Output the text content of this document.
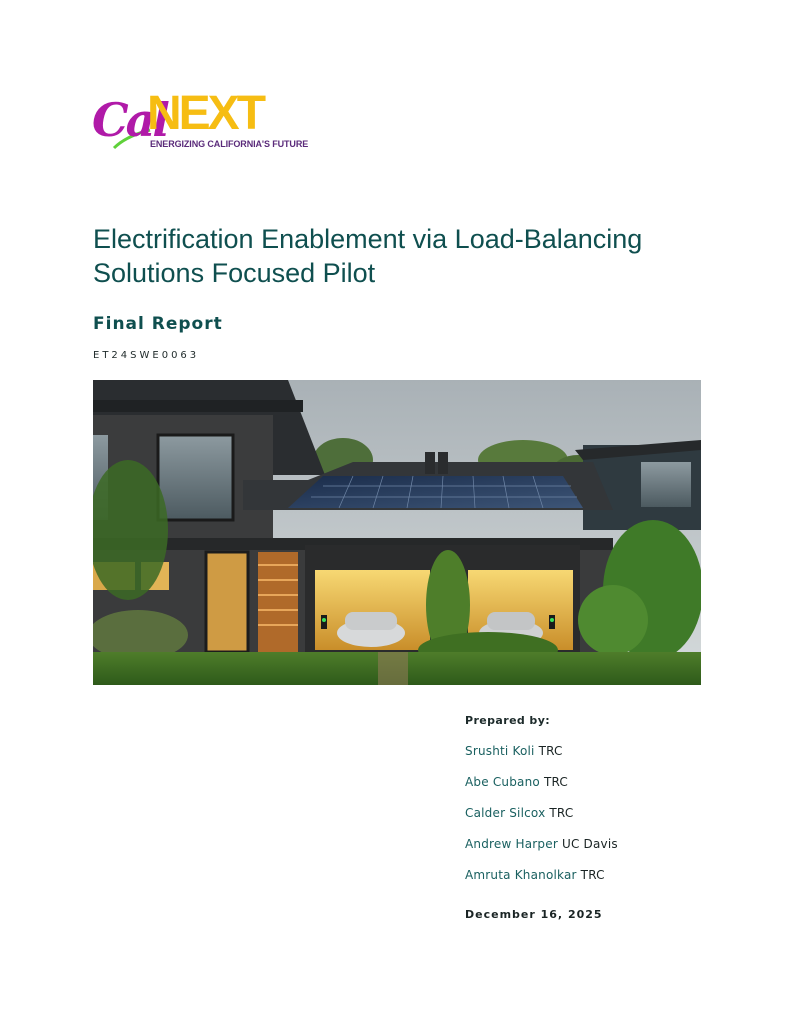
Cal
NEXT
ENERGIZING CALIFORNIA'S FUTURE
Electrification Enablement via Load-Balancing Solutions Focused Pilot
Final Report
ET24SWE0063
Prepared by:
Srushti Koli TRC
Abe Cubano TRC
Calder Silcox TRC
Andrew Harper UC Davis
Amruta Khanolkar TRC
December 16, 2025
